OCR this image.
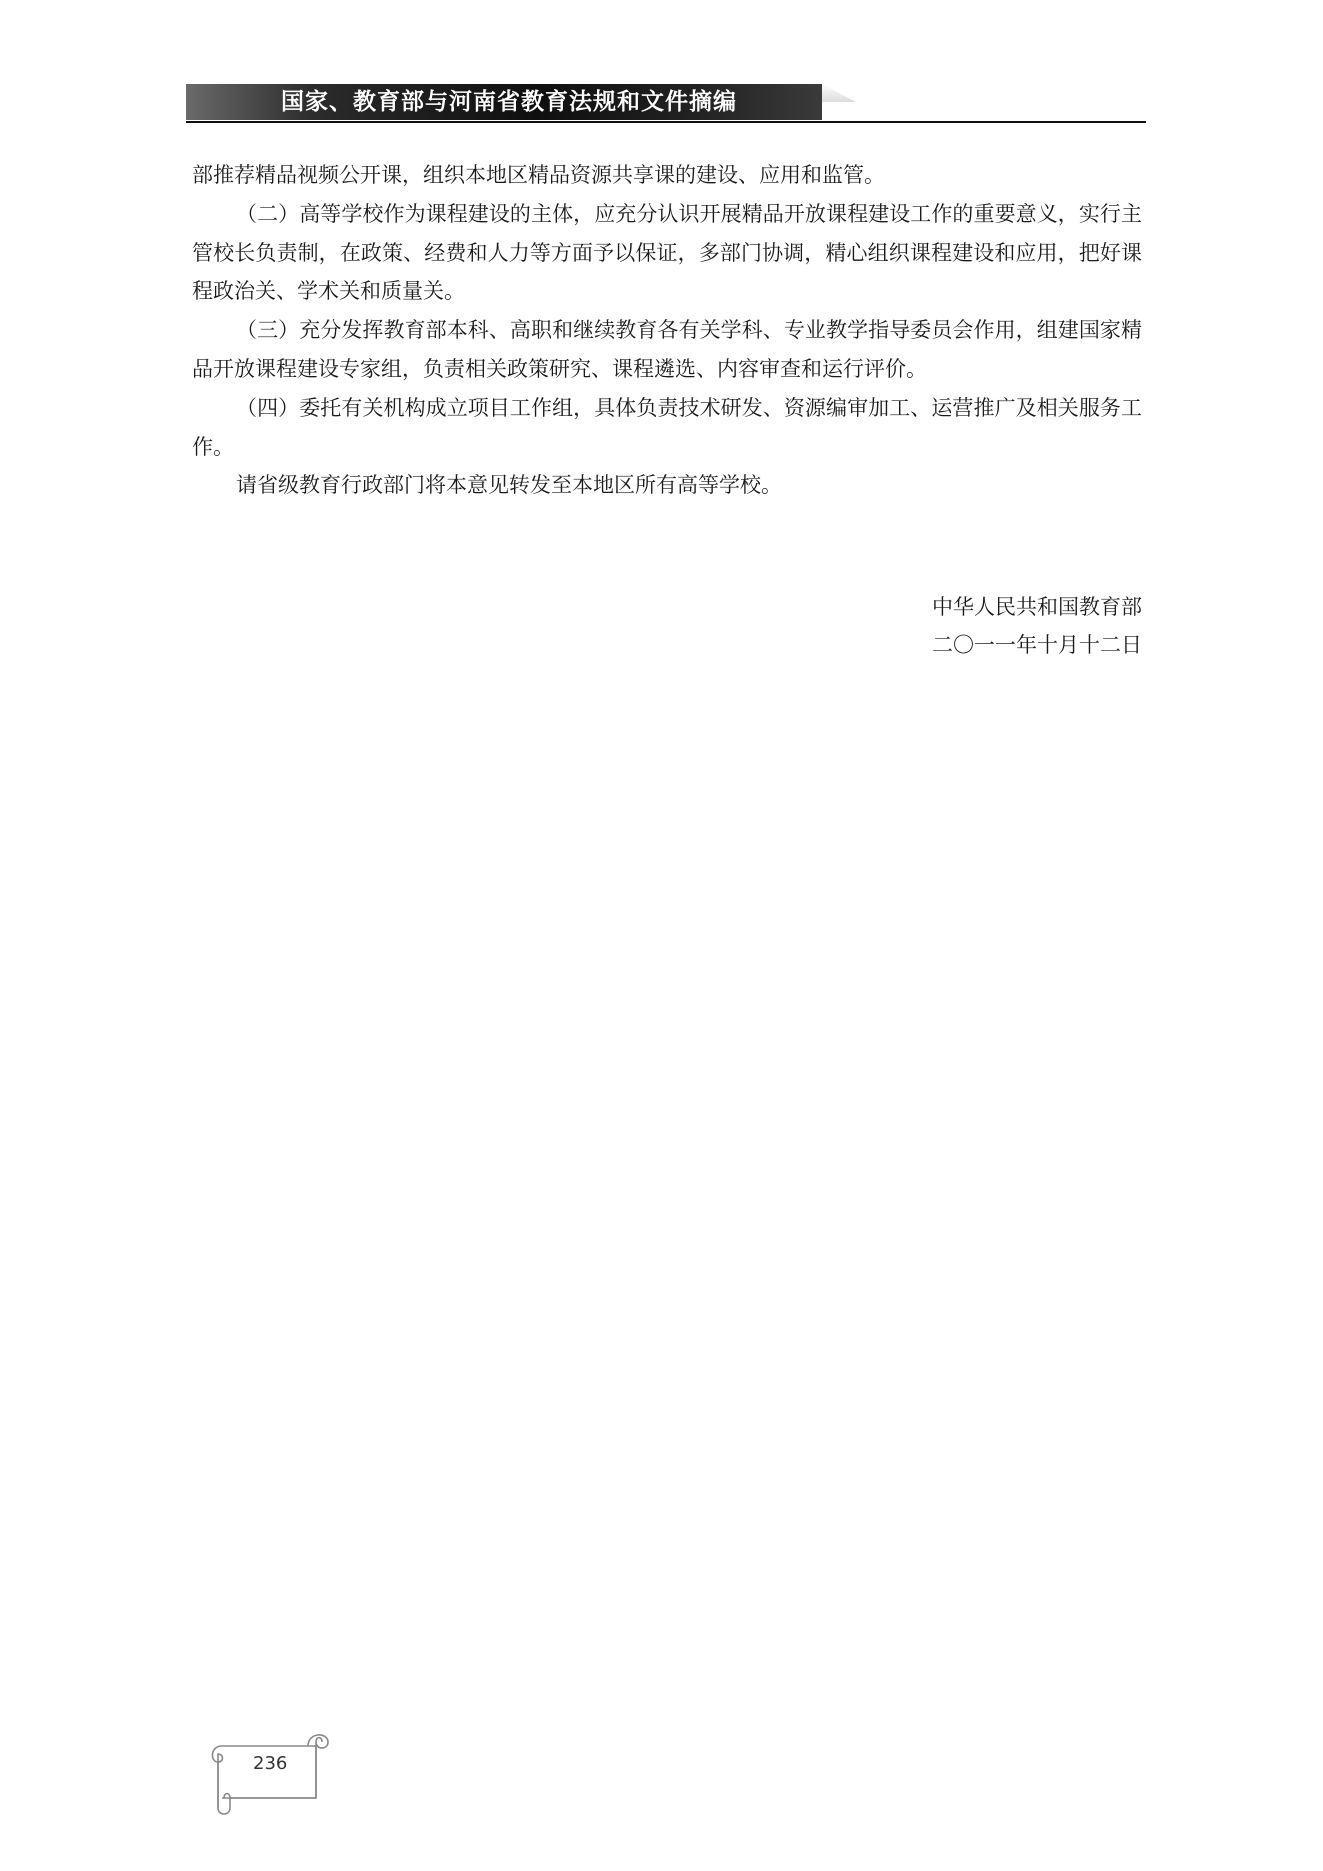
国家、教育部与河南省教育法规和文件摘编

部推荐精品视频公开课，组织本地区精品资源共享课的建设、应用和监管。

（二）高等学校作为课程建设的主体，应充分认识开展精品开放课程建设工作的重要意义，实行主管校长负责制，在政策、经费和人力等方面予以保证，多部门协调，精心组织课程建设和应用，把好课程政治关、学术关和质量关。

（三）充分发挥教育部本科、高职和继续教育各有关学科、专业教学指导委员会作用，组建国家精品开放课程建设专家组，负责相关政策研究、课程遴选、内容审查和运行评价。

（四）委托有关机构成立项目工作组，具体负责技术研发、资源编审加工、运营推广及相关服务工作。

请省级教育行政部门将本意见转发至本地区所有高等学校。

中华人民共和国教育部
二〇一一年十月十二日
236
